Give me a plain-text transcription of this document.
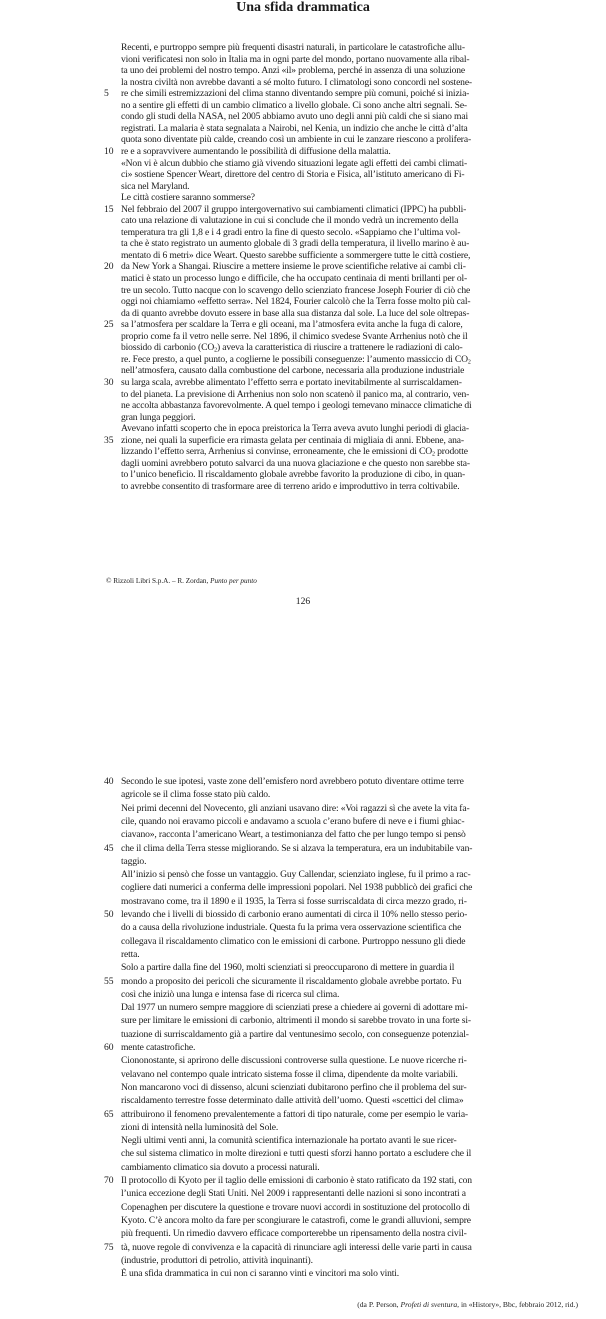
Una sfida drammatica
Recenti, e purtroppo sempre più frequenti disastri naturali, in particolare le catastrofiche allu-
vioni verificatesi non solo in Italia ma in ogni parte del mondo, portano nuovamente alla ribal-
ta uno dei problemi del nostro tempo. Anzi «il» problema, perché in assenza di una soluzione
la nostra civiltà non avrebbe davanti a sé molto futuro. I climatologi sono concordi nel sostene-
re che simili estremizzazioni del clima stanno diventando sempre più comuni, poiché si inizia-
no a sentire gli effetti di un cambio climatico a livello globale. Ci sono anche altri segnali. Se-
condo gli studi della NASA, nel 2005 abbiamo avuto uno degli anni più caldi che si siano mai
registrati. La malaria è stata segnalata a Nairobi, nel Kenia, un indizio che anche le città d’alta
quota sono diventate più calde, creando così un ambiente in cui le zanzare riescono a prolifera-
re e a sopravvivere aumentando le possibilità di diffusione della malattia.
«Non vi è alcun dubbio che stiamo già vivendo situazioni legate agli effetti dei cambi climati-
ci» sostiene Spencer Weart, direttore del centro di Storia e Fisica, all’istituto americano di Fi-
sica nel Maryland.
Le città costiere saranno sommerse?
Nel febbraio del 2007 il gruppo intergovernativo sui cambiamenti climatici (IPPC) ha pubbli-
cato una relazione di valutazione in cui si conclude che il mondo vedrà un incremento della
temperatura tra gli 1,8 e i 4 gradi entro la fine di questo secolo. «Sappiamo che l’ultima vol-
ta che è stato registrato un aumento globale di 3 gradi della temperatura, il livello marino è au-
mentato di 6 metri» dice Weart. Questo sarebbe sufficiente a sommergere tutte le città costiere,
da New York a Shangai. Riuscire a mettere insieme le prove scientifiche relative ai cambi cli-
matici è stato un processo lungo e difficile, che ha occupato centinaia di menti brillanti per ol-
tre un secolo. Tutto nacque con lo scavengo dello scienziato francese Joseph Fourier di ciò che
oggi noi chiamiamo «effetto serra». Nel 1824, Fourier calcolò che la Terra fosse molto più cal-
da di quanto avrebbe dovuto essere in base alla sua distanza dal sole. La luce del sole oltrepas-
sa l’atmosfera per scaldare la Terra e gli oceani, ma l’atmosfera evita anche la fuga di calore,
proprio come fa il vetro nelle serre. Nel 1896, il chimico svedese Svante Arrhenius notò che il
biossido di carbonio $(CO_2)$ aveva la caratteristica di riuscire a trattenere le radiazioni di calo-
re. Fece presto, a quel punto, a coglierne le possibili conseguenze: l’aumento massiccio di $CO_2$
nell’atmosfera, causato dalla combustione del carbone, necessaria alla produzione industriale
su larga scala, avrebbe alimentato l’effetto serra e portato inevitabilmente al surriscaldamen-
to del pianeta. La previsione di Arrhenius non solo non scatenò il panico ma, al contrario, ven-
ne accolta abbastanza favorevolmente. A quel tempo i geologi temevano minacce climatiche di
gran lunga peggiori.
Avevano infatti scoperto che in epoca preistorica la Terra aveva avuto lunghi periodi di glacia-
zione, nei quali la superficie era rimasta gelata per centinaia di migliaia di anni. Ebbene, ana-
lizzando l’effetto serra, Arrhenius si convinse, erroneamente, che le emissioni di $CO_2$ prodotte
dagli uomini avrebbero potuto salvarci da una nuova glaciazione e che questo non sarebbe sta-
to l’unico beneficio. Il riscaldamento globale avrebbe favorito la produzione di cibo, in quan-
to avrebbe consentito di trasformare aree di terreno arido e improduttivo in terra coltivabile.
5
10
15
20
25
30
35
© Rizzoli Libri S.p.A. – R. Zordan, Punto per punto
126
Secondo le sue ipotesi, vaste zone dell’emisfero nord avrebbero potuto diventare ottime terre
agricole se il clima fosse stato più caldo.
Nei primi decenni del Novecento, gli anziani usavano dire: «Voi ragazzi sì che avete la vita fa-
cile, quando noi eravamo piccoli e andavamo a scuola c’erano bufere di neve e i fiumi ghiac-
ciavano», racconta l’americano Weart, a testimonianza del fatto che per lungo tempo si pensò
che il clima della Terra stesse migliorando. Se si alzava la temperatura, era un indubitabile van-
taggio.
All’inizio si pensò che fosse un vantaggio. Guy Callendar, scienziato inglese, fu il primo a rac-
cogliere dati numerici a conferma delle impressioni popolari. Nel 1938 pubblicò dei grafici che
mostravano come, tra il 1890 e il 1935, la Terra si fosse surriscaldata di circa mezzo grado, ri-
levando che i livelli di biossido di carbonio erano aumentati di circa il 10% nello stesso perio-
do a causa della rivoluzione industriale. Questa fu la prima vera osservazione scientifica che
collegava il riscaldamento climatico con le emissioni di carbone. Purtroppo nessuno gli diede
retta.
Solo a partire dalla fine del 1960, molti scienziati si preoccuparono di mettere in guardia il
mondo a proposito dei pericoli che sicuramente il riscaldamento globale avrebbe portato. Fu
così che iniziò una lunga e intensa fase di ricerca sul clima.
Dal 1977 un numero sempre maggiore di scienziati prese a chiedere ai governi di adottare mi-
sure per limitare le emissioni di carbonio, altrimenti il mondo si sarebbe trovato in una forte si-
tuazione di surriscaldamento già a partire dal ventunesimo secolo, con conseguenze potenzial-
mente catastrofiche.
Ciononostante, si aprirono delle discussioni controverse sulla questione. Le nuove ricerche ri-
velavano nel contempo quale intricato sistema fosse il clima, dipendente da molte variabili.
Non mancarono voci di dissenso, alcuni scienziati dubitarono perfino che il problema del sur-
riscaldamento terrestre fosse determinato dalle attività dell’uomo. Questi «scettici del clima»
attribuirono il fenomeno prevalentemente a fattori di tipo naturale, come per esempio le varia-
zioni di intensità nella luminosità del Sole.
Negli ultimi venti anni, la comunità scientifica internazionale ha portato avanti le sue ricer-
che sul sistema climatico in molte direzioni e tutti questi sforzi hanno portato a escludere che il
cambiamento climatico sia dovuto a processi naturali.
Il protocollo di Kyoto per il taglio delle emissioni di carbonio è stato ratificato da 192 stati, con
l’unica eccezione degli Stati Uniti. Nel 2009 i rappresentanti delle nazioni si sono incontrati a
Copenaghen per discutere la questione e trovare nuovi accordi in sostituzione del protocollo di
Kyoto. C’è ancora molto da fare per scongiurare le catastrofi, come le grandi alluvioni, sempre
più frequenti. Un rimedio davvero efficace comporterebbe un ripensamento della nostra civil-
tà, nuove regole di convivenza e la capacità di rinunciare agli interessi delle varie parti in causa
(industrie, produttori di petrolio, attività inquinanti).
È una sfida drammatica in cui non ci saranno vinti e vincitori ma solo vinti.
40
45
50
55
60
65
70
75
(da P. Person, Profeti di sventura, in «History», Bbc, febbraio 2012, rid.)
